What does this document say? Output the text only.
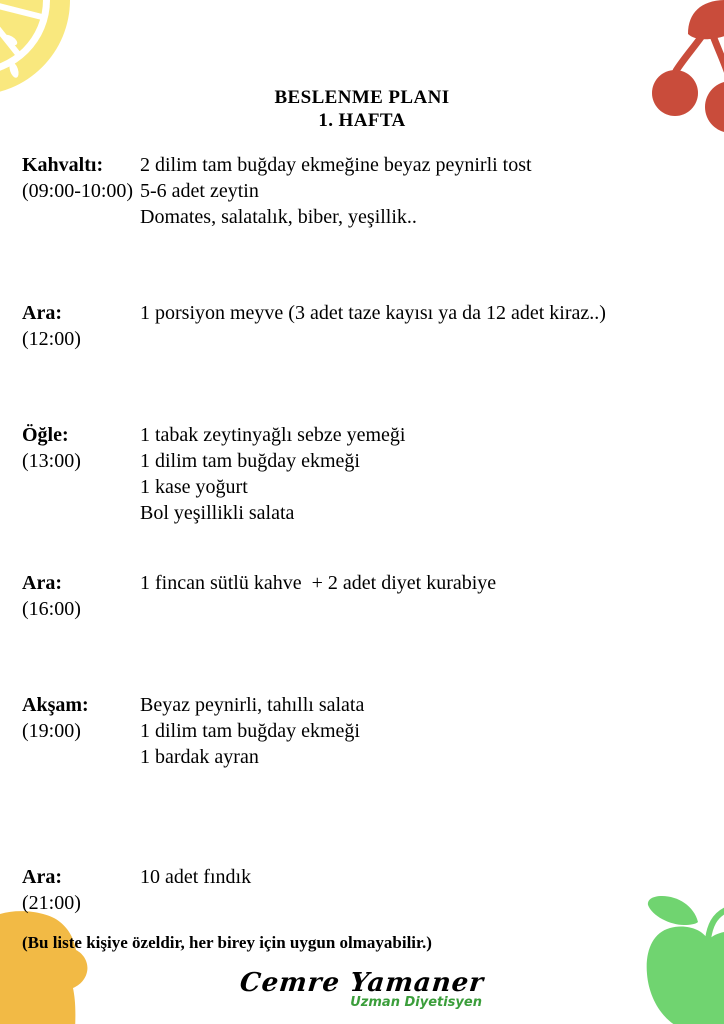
BESLENME PLANI
1. HAFTA
Kahvaltı:
(09:00-10:00)
2 dilim tam buğday ekmeğine beyaz peynirli tost
5-6 adet zeytin
Domates, salatalık, biber, yeşillik..
Ara:
(12:00)
1 porsiyon meyve (3 adet taze kayısı ya da 12 adet kiraz..)
Öğle:
(13:00)
1 tabak zeytinyağlı sebze yemeği
1 dilim tam buğday ekmeği
1 kase yoğurt
Bol yeşillikli salata
Ara:
(16:00)
1 fincan sütlü kahve  + 2 adet diyet kurabiye
Akşam:
(19:00)
Beyaz peynirli, tahıllı salata
1 dilim tam buğday ekmeği
1 bardak ayran
Ara:
(21:00)
10 adet fındık
(Bu liste kişiye özeldir, her birey için uygun olmayabilir.)
Cemre Yamaner
Uzman Diyetisyen
